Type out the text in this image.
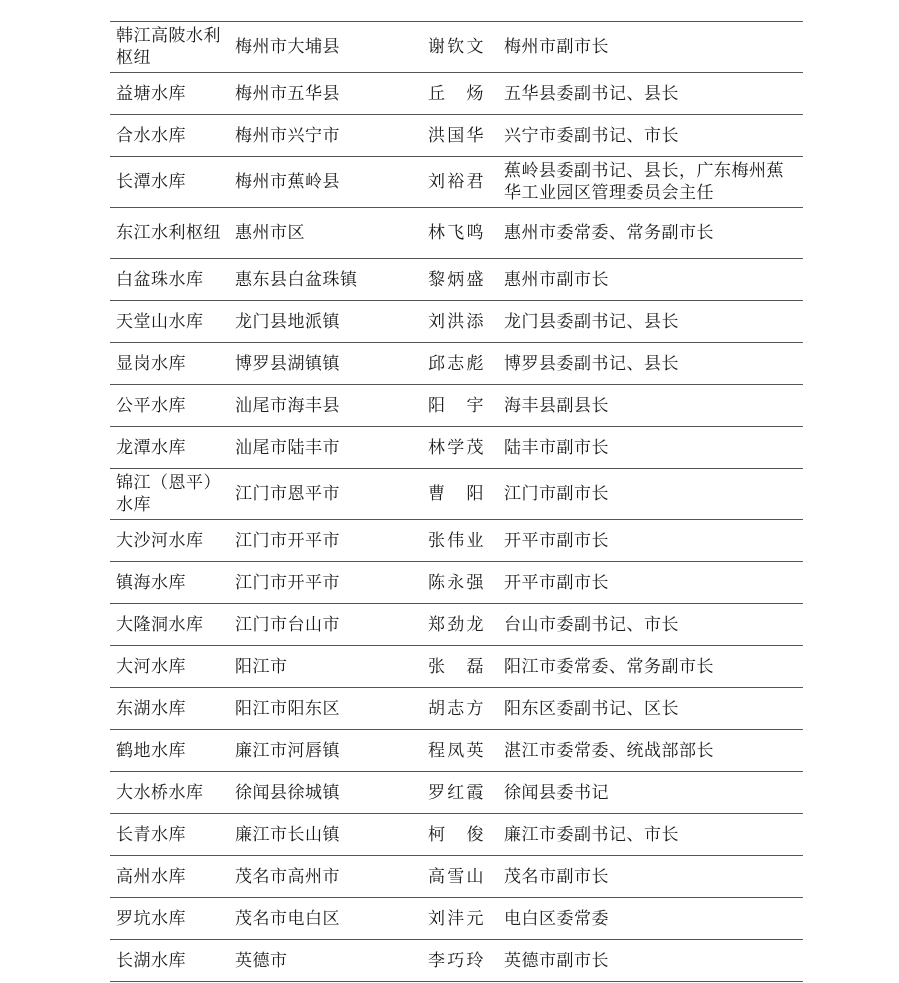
韩江高陂水利枢纽	梅州市大埔县	谢钦文	梅州市副市长
益塘水库	梅州市五华县	丘　炀	五华县委副书记、县长
合水水库	梅州市兴宁市	洪国华	兴宁市委副书记、市长
长潭水库	梅州市蕉岭县	刘裕君	蕉岭县委副书记、县长，广东梅州蕉华工业园区管理委员会主任
东江水利枢纽	惠州市区	林飞鸣	惠州市委常委、常务副市长
白盆珠水库	惠东县白盆珠镇	黎炳盛	惠州市副市长
天堂山水库	龙门县地派镇	刘洪添	龙门县委副书记、县长
显岗水库	博罗县湖镇镇	邱志彪	博罗县委副书记、县长
公平水库	汕尾市海丰县	阳　宇	海丰县副县长
龙潭水库	汕尾市陆丰市	林学茂	陆丰市副市长
锦江（恩平）水库	江门市恩平市	曹　阳	江门市副市长
大沙河水库	江门市开平市	张伟业	开平市副市长
镇海水库	江门市开平市	陈永强	开平市副市长
大隆洞水库	江门市台山市	郑劲龙	台山市委副书记、市长
大河水库	阳江市	张　磊	阳江市委常委、常务副市长
东湖水库	阳江市阳东区	胡志方	阳东区委副书记、区长
鹤地水库	廉江市河唇镇	程凤英	湛江市委常委、统战部部长
大水桥水库	徐闻县徐城镇	罗红霞	徐闻县委书记
长青水库	廉江市长山镇	柯　俊	廉江市委副书记、市长
高州水库	茂名市高州市	高雪山	茂名市副市长
罗坑水库	茂名市电白区	刘沣元	电白区委常委
长湖水库	英德市	李巧玲	英德市副市长
